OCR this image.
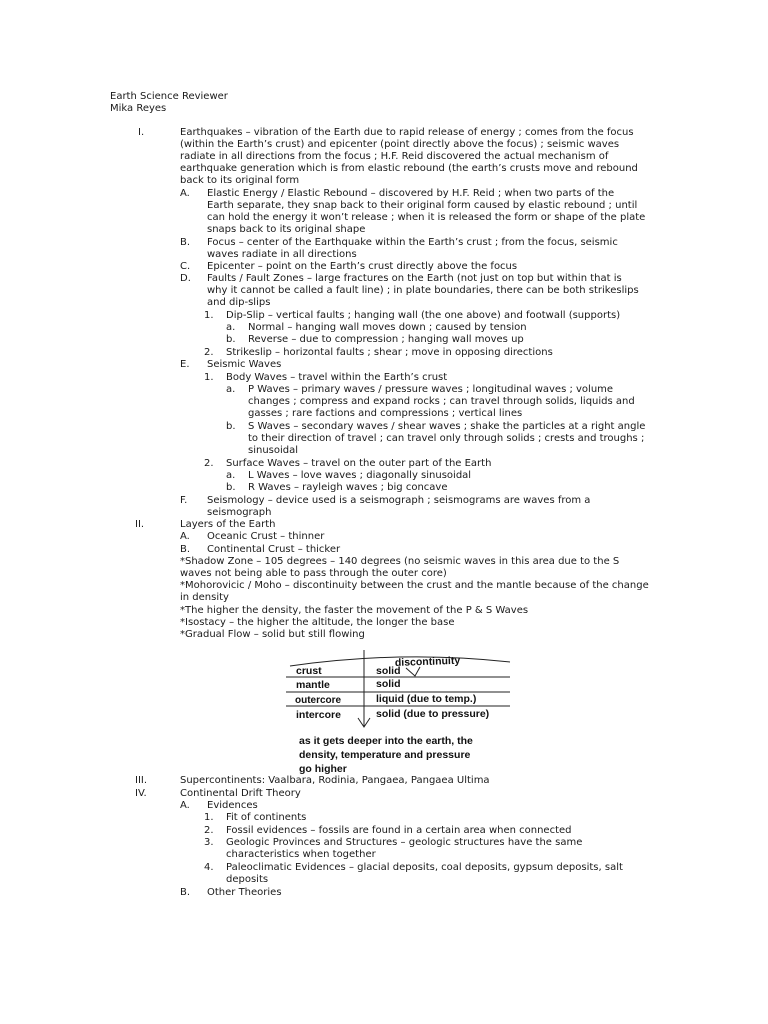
Earth Science Reviewer
Mika Reyes
I.	Earthquakes – vibration of the Earth due to rapid release of energy ; comes from the focus
(within the Earth’s crust) and epicenter (point directly above the focus) ; seismic waves
radiate in all directions from the focus ; H.F. Reid discovered the actual mechanism of
earthquake generation which is from elastic rebound (the earth’s crusts move and rebound
back to its original form
A. Elastic Energy / Elastic Rebound – discovered by H.F. Reid ; when two parts of the
Earth separate, they snap back to their original form caused by elastic rebound ; until
can hold the energy it won’t release ; when it is released the form or shape of the plate
snaps back to its original shape
B. Focus – center of the Earthquake within the Earth’s crust ; from the focus, seismic
waves radiate in all directions
C. Epicenter – point on the Earth’s crust directly above the focus
D. Faults / Fault Zones – large fractures on the Earth (not just on top but within that is
why it cannot be called a fault line) ; in plate boundaries, there can be both strikeslips
and dip-slips
1. Dip-Slip – vertical faults ; hanging wall (the one above) and footwall (supports)
a. Normal – hanging wall moves down ; caused by tension
b. Reverse – due to compression ; hanging wall moves up
2. Strikeslip – horizontal faults ; shear ; move in opposing directions
E. Seismic Waves
1. Body Waves – travel within the Earth’s crust
a. P Waves – primary waves / pressure waves ; longitudinal waves ; volume
changes ; compress and expand rocks ; can travel through solids, liquids and
gasses ; rare factions and compressions ; vertical lines
b. S Waves – secondary waves / shear waves ; shake the particles at a right angle
to their direction of travel ; can travel only through solids ; crests and troughs ;
sinusoidal
2. Surface Waves – travel on the outer part of the Earth
a. L Waves – love waves ; diagonally sinusoidal
b. R Waves – rayleigh waves ; big concave
F. Seismology – device used is a seismograph ; seismograms are waves from a
seismograph
II.	Layers of the Earth
A. Oceanic Crust – thinner
B. Continental Crust – thicker
*Shadow Zone – 105 degrees – 140 degrees (no seismic waves in this area due to the S
waves not being able to pass through the outer core)
*Mohorovicic / Moho – discontinuity between the crust and the mantle because of the change
in density
*The higher the density, the faster the movement of the P & S Waves
*Isostacy – the higher the altitude, the longer the base
*Gradual Flow – solid but still flowing
III.	Supercontinents: Vaalbara, Rodinia, Pangaea, Pangaea Ultima
IV.	Continental Drift Theory
A. Evidences
1. Fit of continents
2. Fossil evidences – fossils are found in a certain area when connected
3. Geologic Provinces and Structures – geologic structures have the same
characteristics when together
4. Paleoclimatic Evidences – glacial deposits, coal deposits, gypsum deposits, salt
deposits
B. Other Theories
discontinuity
crust	solid
mantle	solid
outercore	liquid (due to temp.)
intercore	solid (due to pressure)
as it gets deeper into the earth, the
density, temperature and pressure
go higher
